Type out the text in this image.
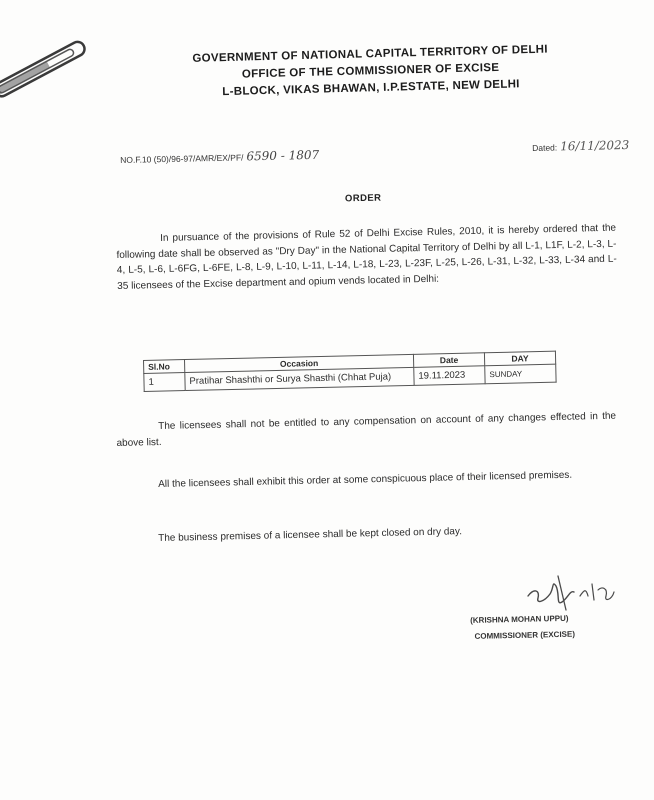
GOVERNMENT OF NATIONAL CAPITAL TERRITORY OF DELHI
OFFICE OF THE COMMISSIONER OF EXCISE
L-BLOCK, VIKAS BHAWAN, I.P.ESTATE, NEW DELHI
NO.F.10 (50)/96-97/AMR/EX/PF/ 6590 - 1807
Dated: 16/11/2023
ORDER
In pursuance of the provisions of Rule 52 of Delhi Excise Rules, 2010, it is hereby ordered that the following date shall be observed as "Dry Day" in the National Capital Territory of Delhi by all L-1, L1F, L-2, L-3, L-4, L-5, L-6, L-6FG, L-6FE, L-8, L-9, L-10, L-11, L-14, L-18, L-23, L-23F, L-25, L-26, L-31, L-32, L-33, L-34 and L-35 licensees of the Excise department and opium vends located in Delhi:
Sl.No	Occasion	Date	DAY
1	Pratihar Shashthi or Surya Shasthi (Chhat Puja)	19.11.2023	SUNDAY
The licensees shall not be entitled to any compensation on account of any changes effected in the above list.
All the licensees shall exhibit this order at some conspicuous place of their licensed premises.
The business premises of a licensee shall be kept closed on dry day.
(KRISHNA MOHAN UPPU)
COMMISSIONER (EXCISE)
